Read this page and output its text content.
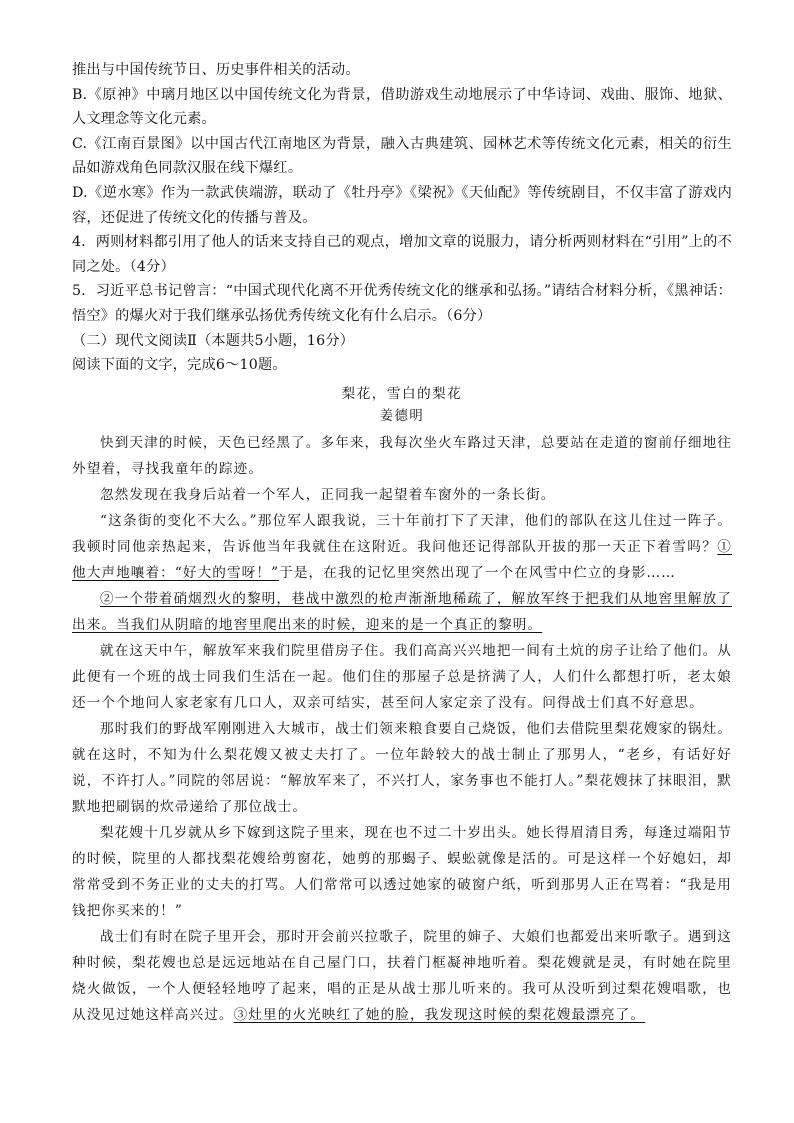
推出与中国传统节日、历史事件相关的活动。

B.《原神》中璃月地区以中国传统文化为背景，借助游戏生动地展示了中华诗词、戏曲、服饰、地狱、人文理念等文化元素。

C.《江南百景图》以中国古代江南地区为背景，融入古典建筑、园林艺术等传统文化元素，相关的衍生品如游戏角色同款汉服在线下爆红。

D.《逆水寒》作为一款武侠端游，联动了《牡丹亭》《梁祝》《天仙配》等传统剧目，不仅丰富了游戏内容，还促进了传统文化的传播与普及。

4．两则材料都引用了他人的话来支持自己的观点，增加文章的说服力，请分析两则材料在“引用”上的不同之处。（4分）

5．习近平总书记曾言：“中国式现代化离不开优秀传统文化的继承和弘扬。”请结合材料分析，《黑神话：悟空》的爆火对于我们继承弘扬优秀传统文化有什么启示。（6分）

（二）现代文阅读Ⅱ（本题共5小题，16分）

阅读下面的文字，完成6～10题。

梨花，雪白的梨花
姜德明

快到天津的时候，天色已经黑了。多年来，我每次坐火车路过天津，总要站在走道的窗前仔细地往外望着，寻找我童年的踪迹。

忽然发现在我身后站着一个军人，正同我一起望着车窗外的一条长街。

“这条街的变化不大么。”那位军人跟我说，三十年前打下了天津，他们的部队在这儿住过一阵子。我顿时同他亲热起来，告诉他当年我就住在这附近。我问他还记得部队开拔的那一天正下着雪吗？①他大声地嚷着：“好大的雪呀！”于是，在我的记忆里突然出现了一个在风雪中伫立的身影……

②一个带着硝烟烈火的黎明，巷战中激烈的枪声渐渐地稀疏了，解放军终于把我们从地窖里解放了出来。当我们从阴暗的地窖里爬出来的时候，迎来的是一个真正的黎明。

就在这天中午，解放军来我们院里借房子住。我们高高兴兴地把一间有土炕的房子让给了他们。从此便有一个班的战士同我们生活在一起。他们住的那屋子总是挤满了人，人们什么都想打听，老太娘还一个个地问人家老家有几口人，双亲可结实，甚至问人家定亲了没有。问得战士们真不好意思。

那时我们的野战军刚刚进入大城市，战士们领来粮食要自己烧饭，他们去借院里梨花嫂家的锅灶。就在这时，不知为什么梨花嫂又被丈夫打了。一位年龄较大的战士制止了那男人，“老乡，有话好好说，不许打人。”同院的邻居说：“解放军来了，不兴打人，家务事也不能打人。”梨花嫂抹了抹眼泪，默默地把刷锅的炊帚递给了那位战士。

梨花嫂十几岁就从乡下嫁到这院子里来，现在也不过二十岁出头。她长得眉清目秀，每逢过端阳节的时候，院里的人都找梨花嫂给剪窗花，她剪的那蝎子、蜈蚣就像是活的。可是这样一个好媳妇，却常常受到不务正业的丈夫的打骂。人们常常可以透过她家的破窗户纸，听到那男人正在骂着：“我是用钱把你买来的！”

战士们有时在院子里开会，那时开会前兴拉歌子，院里的婶子、大娘们也都爱出来听歌子。遇到这种时候，梨花嫂也总是远远地站在自己屋门口，扶着门框凝神地听着。梨花嫂就是灵，有时她在院里烧火做饭，一个人便轻轻地哼了起来，唱的正是从战士那儿听来的。我可从没听到过梨花嫂唱歌，也从没见过她这样高兴过。③灶里的火光映红了她的脸，我发现这时候的梨花嫂最漂亮了。
